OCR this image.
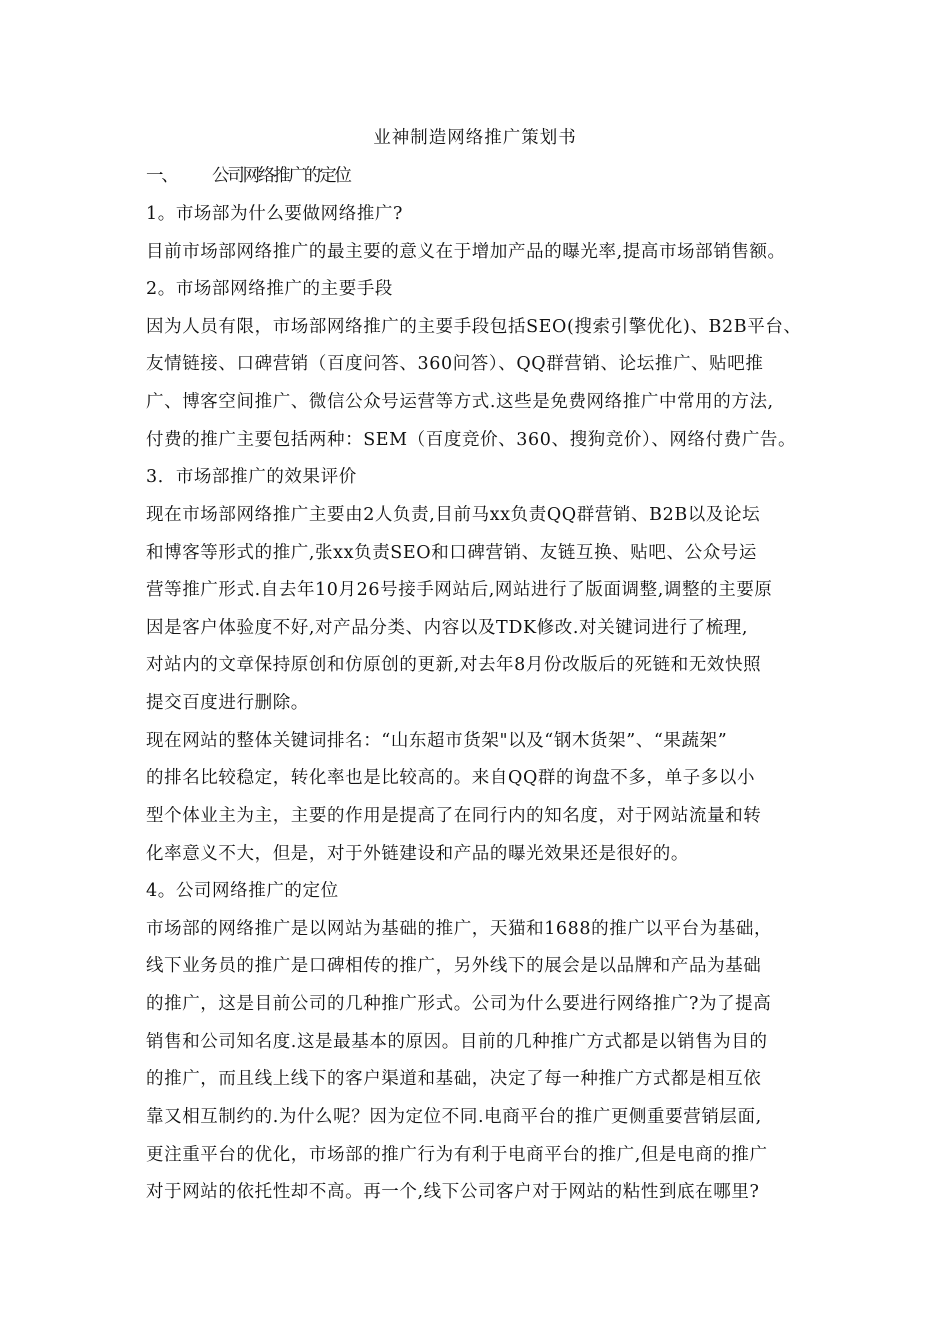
业神制造网络推广策划书
一、 公司网络推广的定位
1。市场部为什么要做网络推广?
目前市场部网络推广的最主要的意义在于增加产品的曝光率,提高市场部销售额。
2。市场部网络推广的主要手段
因为人员有限，市场部网络推广的主要手段包括SEO(搜索引擎优化)、B2B平台、
友情链接、口碑营销（百度问答、360问答）、QQ群营销、论坛推广、贴吧推
广、博客空间推广、微信公众号运营等方式.这些是免费网络推广中常用的方法,
付费的推广主要包括两种：SEM（百度竞价、360、搜狗竞价）、网络付费广告。
3．市场部推广的效果评价
现在市场部网络推广主要由2人负责,目前马xx负责QQ群营销、B2B以及论坛
和博客等形式的推广,张xx负责SEO和口碑营销、友链互换、贴吧、公众号运
营等推广形式.自去年10月26号接手网站后,网站进行了版面调整,调整的主要原
因是客户体验度不好,对产品分类、内容以及TDK修改.对关键词进行了梳理,
对站内的文章保持原创和仿原创的更新,对去年8月份改版后的死链和无效快照
提交百度进行删除。
现在网站的整体关键词排名：“山东超市货架"以及“钢木货架”、“果蔬架”
的排名比较稳定，转化率也是比较高的。来自QQ群的询盘不多，单子多以小
型个体业主为主，主要的作用是提高了在同行内的知名度，对于网站流量和转
化率意义不大，但是，对于外链建设和产品的曝光效果还是很好的。
4。公司网络推广的定位
市场部的网络推广是以网站为基础的推广，天猫和1688的推广以平台为基础，
线下业务员的推广是口碑相传的推广，另外线下的展会是以品牌和产品为基础
的推广，这是目前公司的几种推广形式。公司为什么要进行网络推广?为了提高
销售和公司知名度.这是最基本的原因。目前的几种推广方式都是以销售为目的
的推广，而且线上线下的客户渠道和基础，决定了每一种推广方式都是相互依
靠又相互制约的.为什么呢？因为定位不同.电商平台的推广更侧重要营销层面,
更注重平台的优化，市场部的推广行为有利于电商平台的推广,但是电商的推广
对于网站的依托性却不高。再一个,线下公司客户对于网站的粘性到底在哪里?
